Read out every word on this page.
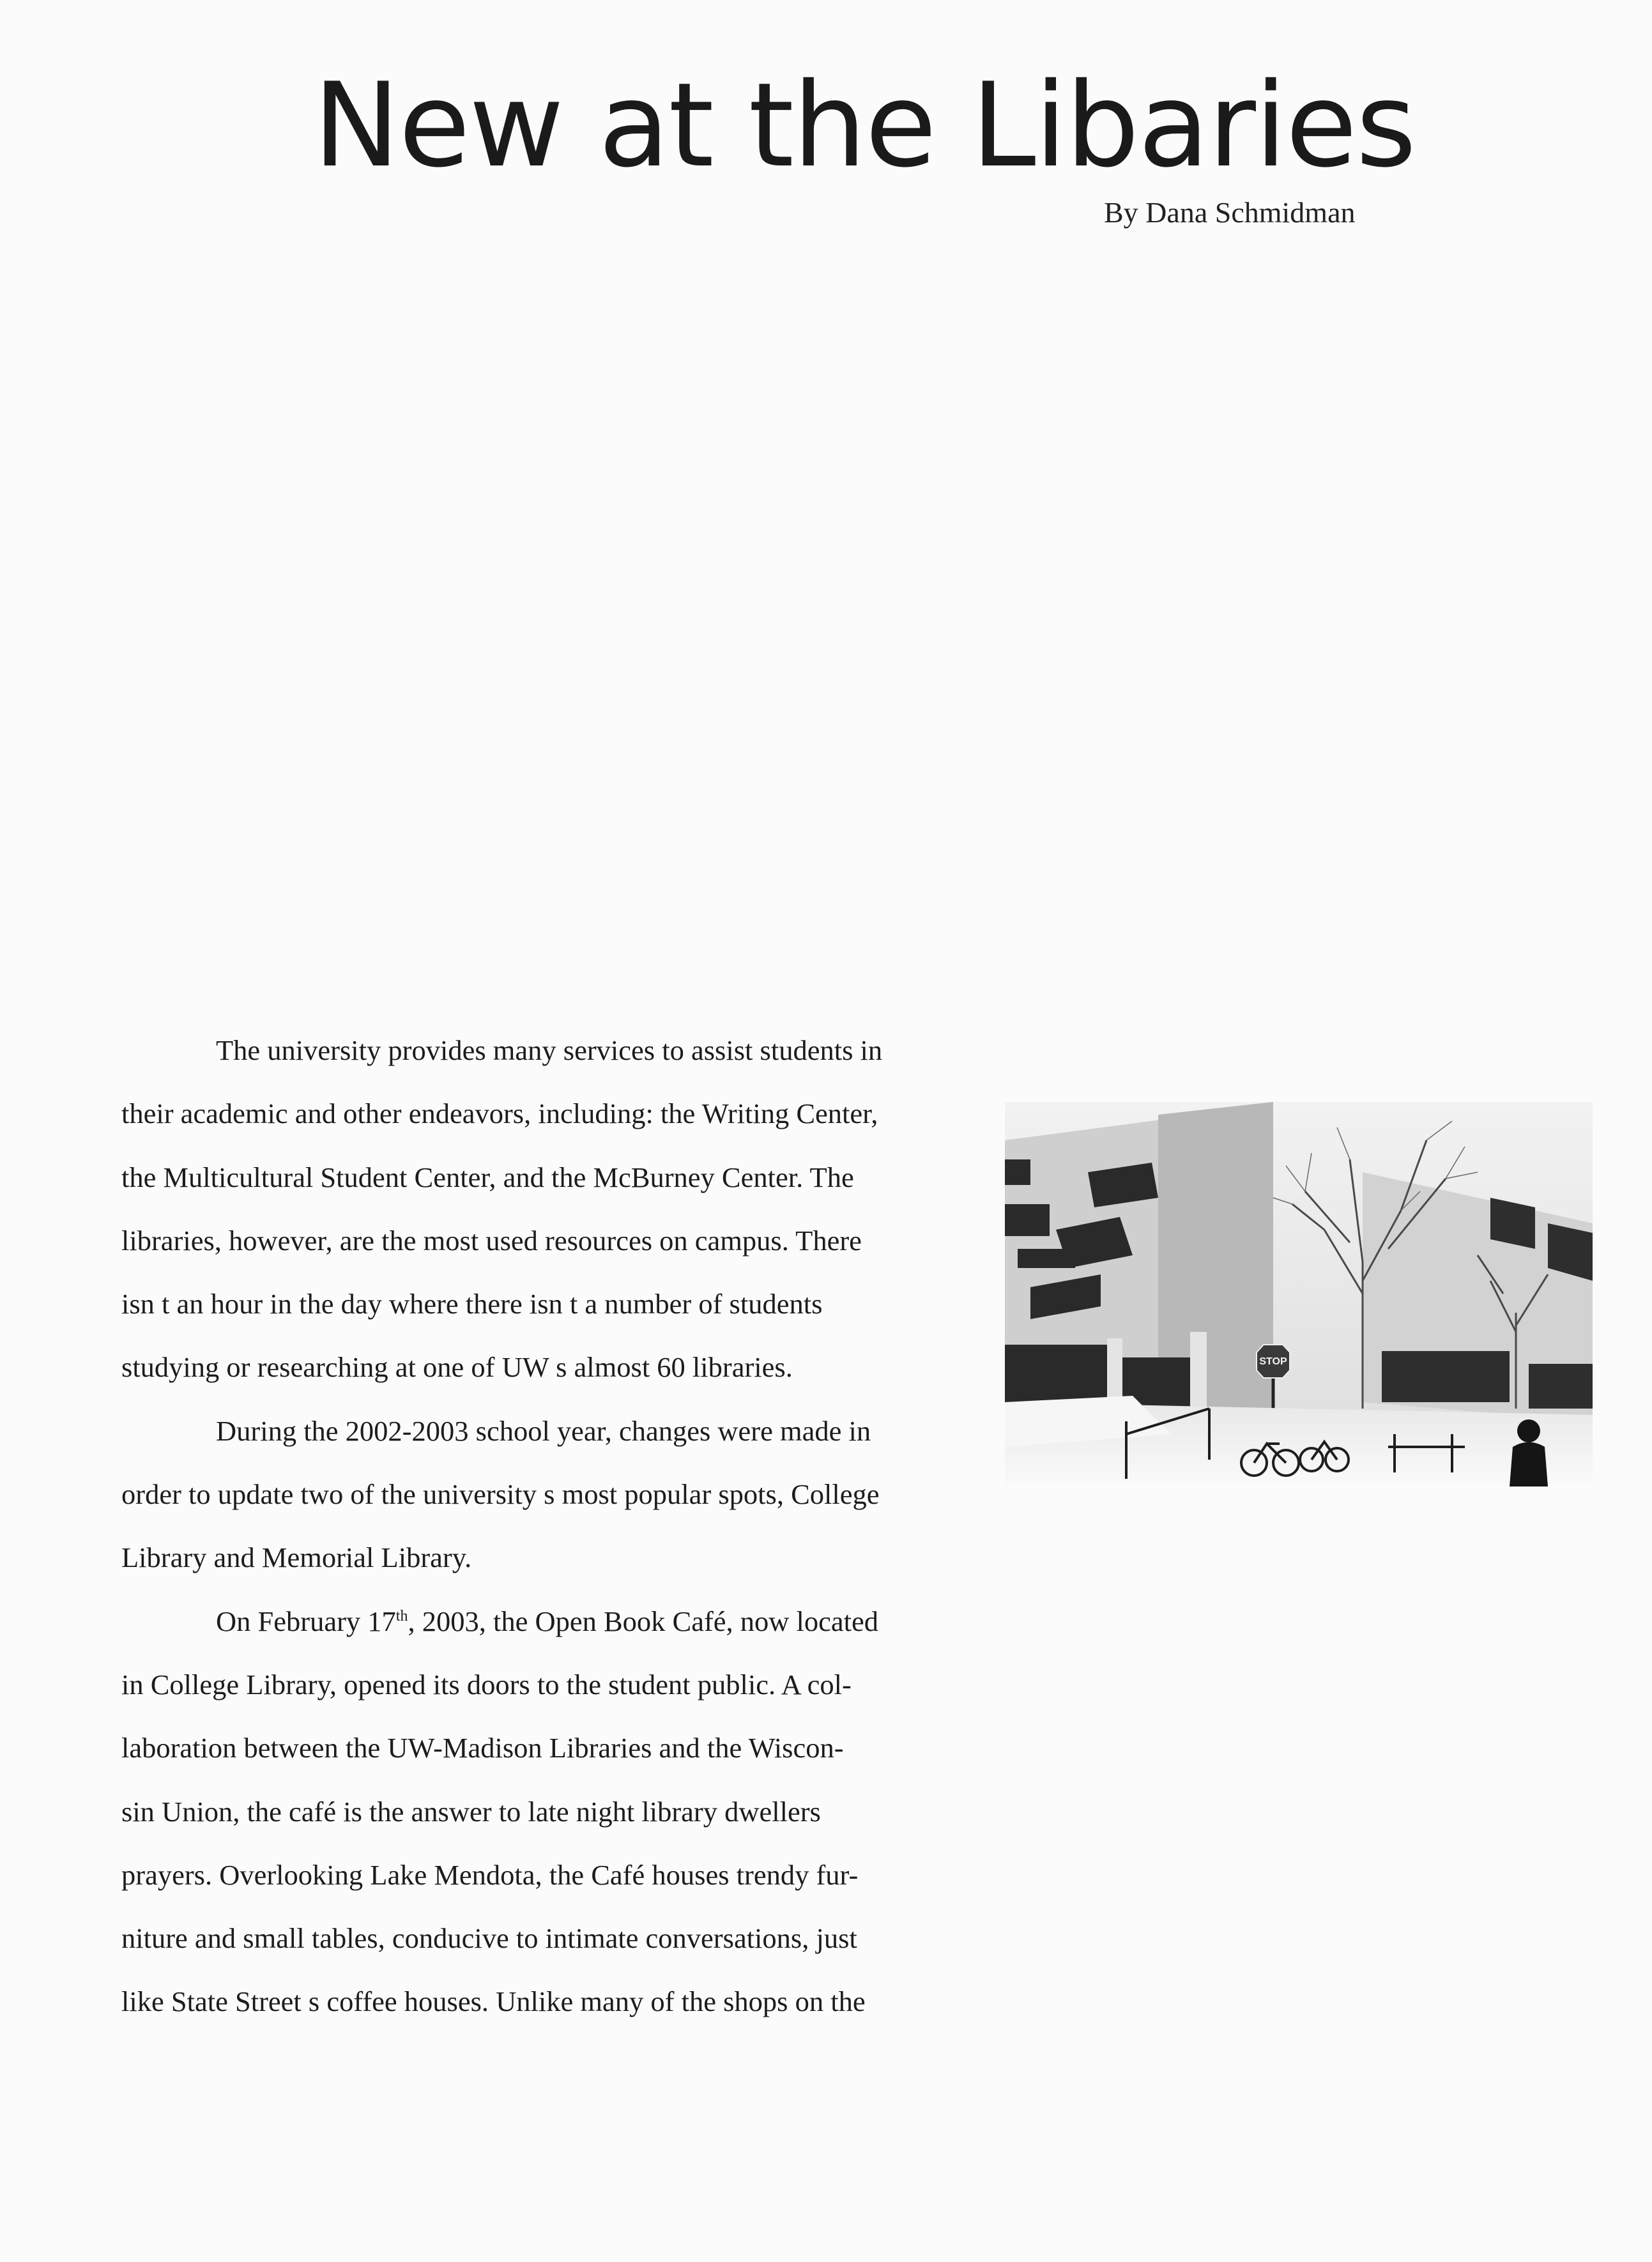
New at the Libaries
By Dana Schmidman

The university provides many services to assist students in

their academic and other endeavors, including: the Writing Center,

the Multicultural Student Center, and the McBurney Center. The

libraries, however, are the most used resources on campus. There

isn t an hour in the day where there isn t a number of students

studying or researching at one of UW s almost 60 libraries.

During the 2002-2003 school year, changes were made in

order to update two of the university s most popular spots, College

Library and Memorial Library.

On February 17th, 2003, the Open Book Café, now located

in College Library, opened its doors to the student public. A col-

laboration between the UW-Madison Libraries and the Wiscon-

sin Union, the café is the answer to late night library dwellers

prayers. Overlooking Lake Mendota, the Café houses trendy fur-

niture and small tables, conducive to intimate conversations, just

like State Street s coffee houses. Unlike many of the shops on the

STOP
